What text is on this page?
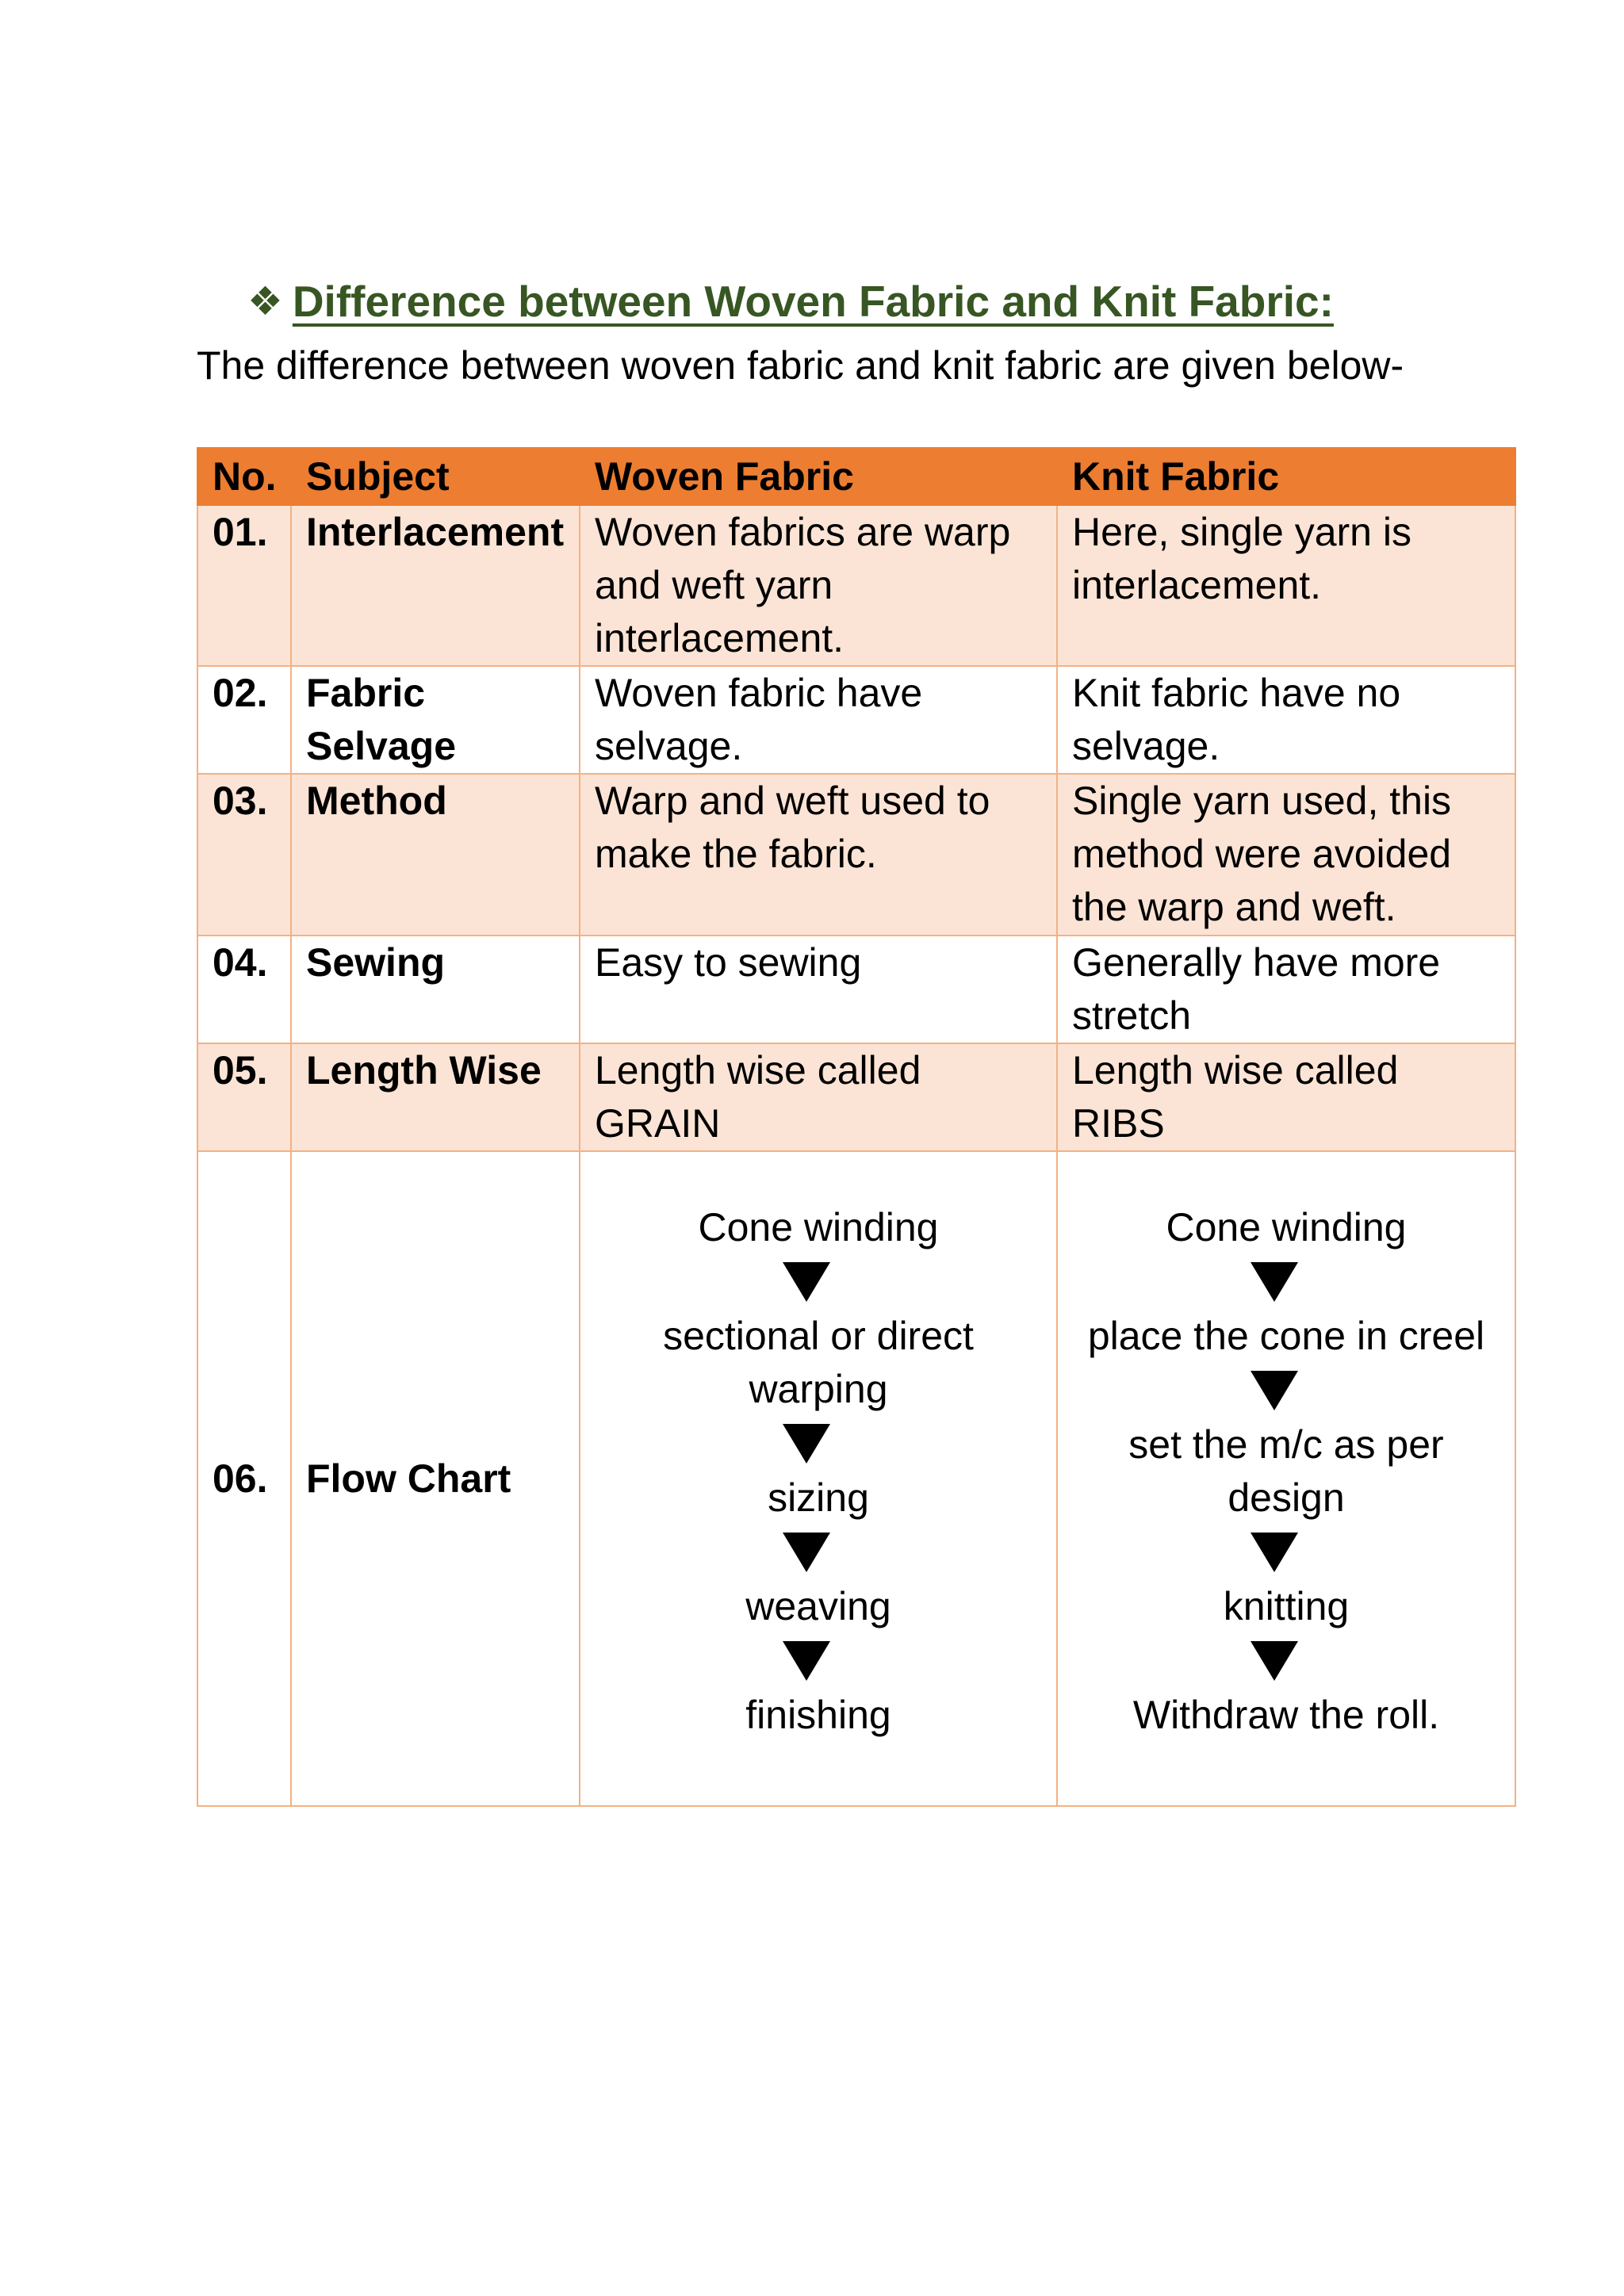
❖ Difference between Woven Fabric and Knit Fabric:
The difference between woven fabric and knit fabric are given below-
No.	Subject	Woven Fabric	Knit Fabric
01.	Interlacement	Woven fabrics are warp and weft yarn interlacement.	Here, single yarn is interlacement.
02.	Fabric Selvage	Woven fabric have selvage.	Knit fabric have no selvage.
03.	Method	Warp and weft used to make the fabric.	Single yarn used, this method were avoided the warp and weft.
04.	Sewing	Easy to sewing	Generally have more stretch
05.	Length Wise	Length wise called GRAIN	Length wise called RIBS
06.	Flow Chart	Cone winding
sectional or direct warping
sizing
weaving
finishing	Cone winding
place the cone in creel
set the m/c as per design
knitting
Withdraw the roll.
